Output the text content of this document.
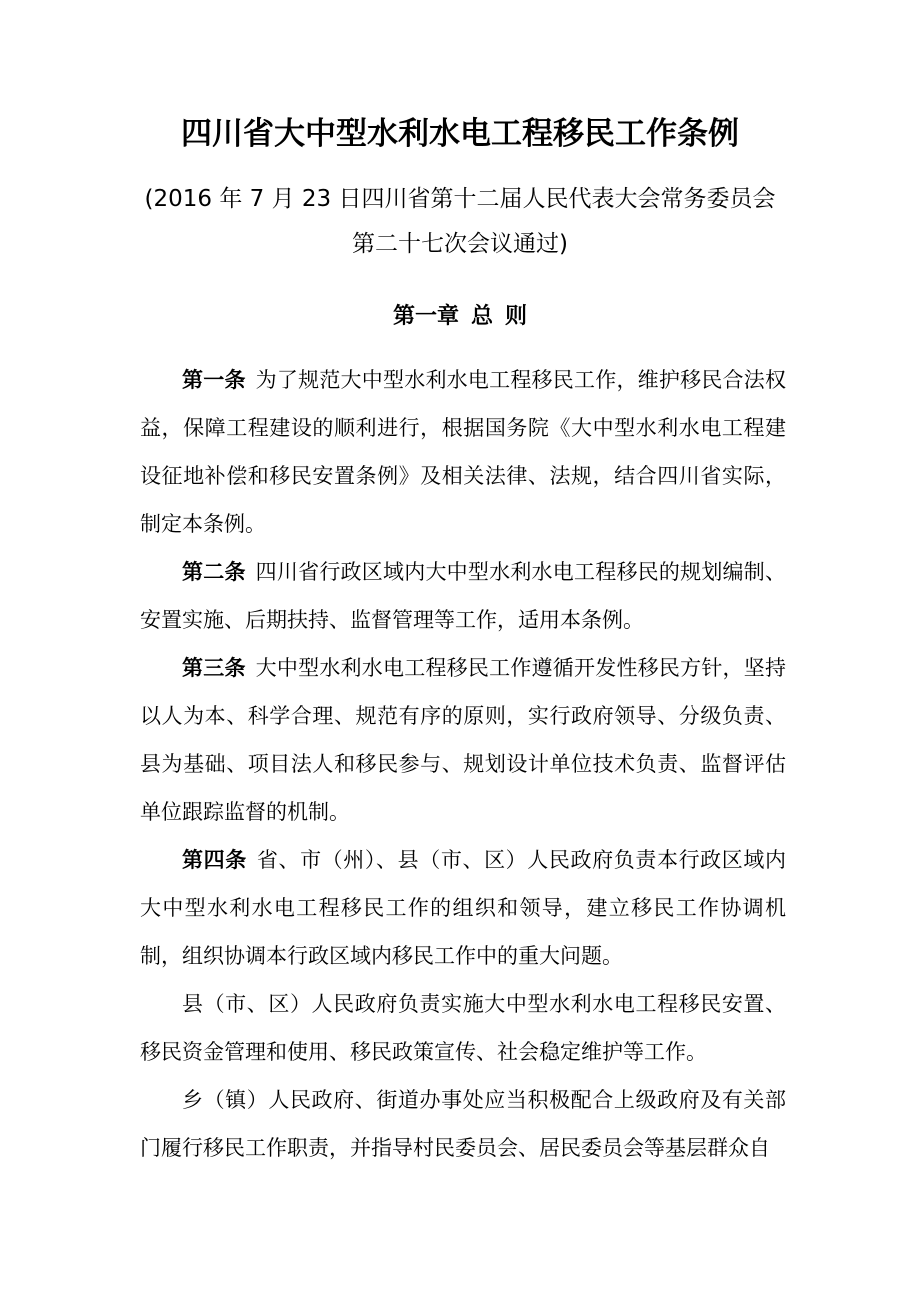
四川省大中型水利水电工程移民工作条例
(2016 年 7 月 23 日四川省第十二届人民代表大会常务委员会
第二十七次会议通过)
第一章 总 则

第一条 为了规范大中型水利水电工程移民工作，维护移民合法权益，保障工程建设的顺利进行，根据国务院《大中型水利水电工程建设征地补偿和移民安置条例》及相关法律、法规，结合四川省实际，制定本条例。

第二条 四川省行政区域内大中型水利水电工程移民的规划编制、安置实施、后期扶持、监督管理等工作，适用本条例。

第三条 大中型水利水电工程移民工作遵循开发性移民方针，坚持以人为本、科学合理、规范有序的原则，实行政府领导、分级负责、县为基础、项目法人和移民参与、规划设计单位技术负责、监督评估单位跟踪监督的机制。

第四条 省、市（州）、县（市、区）人民政府负责本行政区域内大中型水利水电工程移民工作的组织和领导，建立移民工作协调机制，组织协调本行政区域内移民工作中的重大问题。

县（市、区）人民政府负责实施大中型水利水电工程移民安置、移民资金管理和使用、移民政策宣传、社会稳定维护等工作。

乡（镇）人民政府、街道办事处应当积极配合上级政府及有关部门履行移民工作职责，并指导村民委员会、居民委员会等基层群众自
